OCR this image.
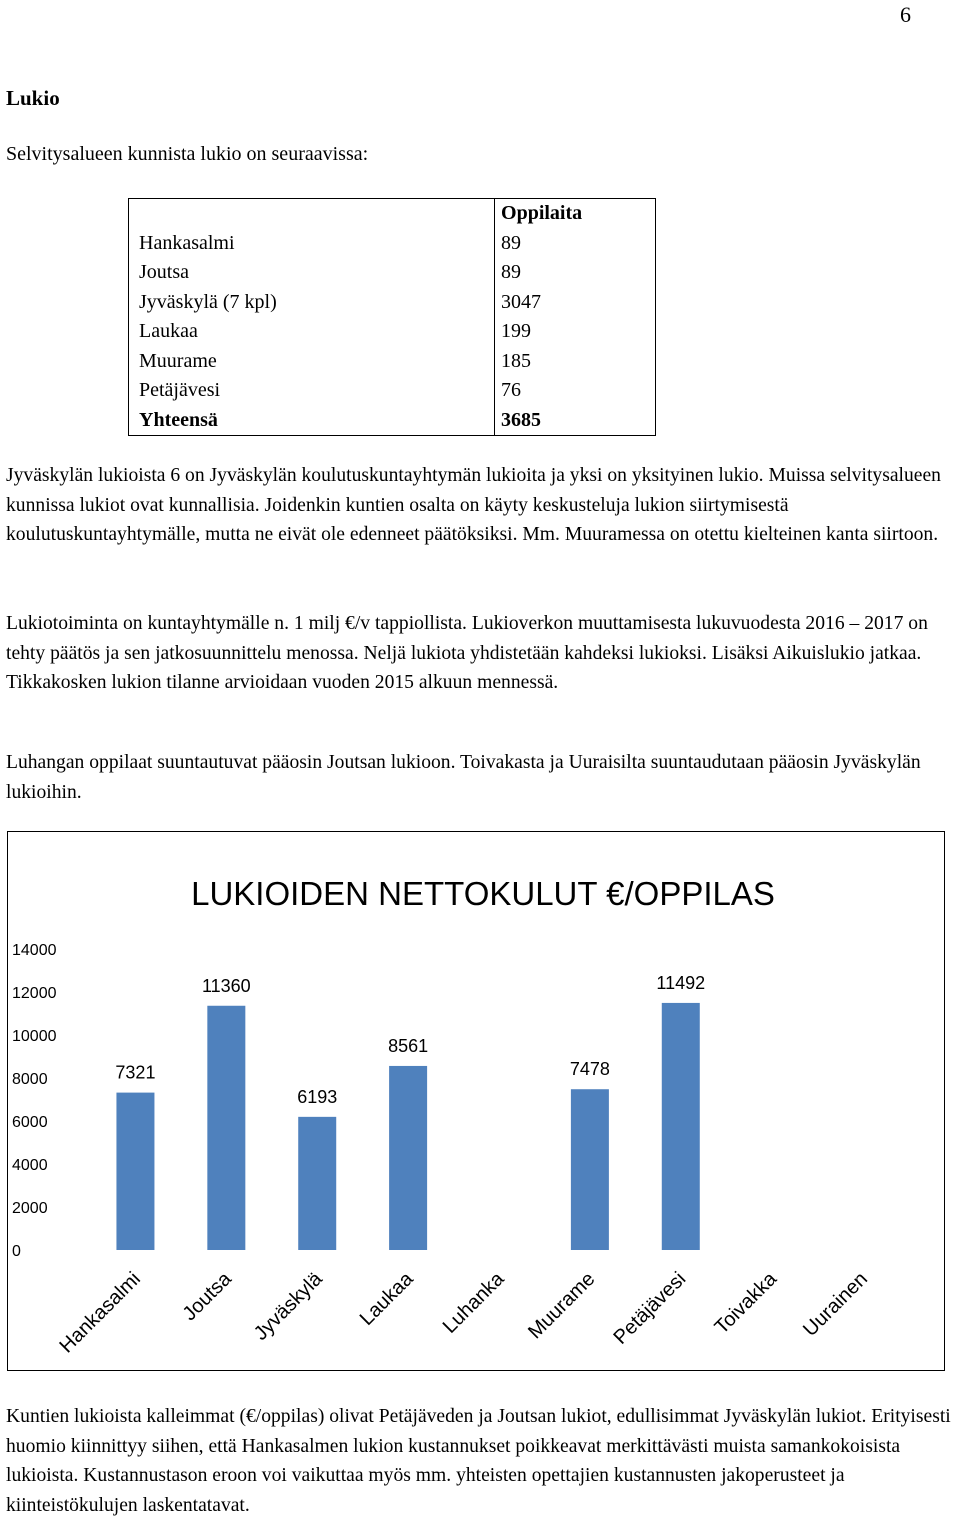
6
Lukio
Selvitysalueen kunnista lukio on seuraavissa:
	Oppilaita
Hankasalmi	89
Joutsa	89
Jyväskylä (7 kpl)	3047
Laukaa	199
Muurame	185
Petäjävesi	76
Yhteensä	3685

Jyväskylän lukioista 6 on Jyväskylän koulutuskuntayhtymän lukioita ja yksi on yksityinen lukio. Muissa selvitysalueen kunnissa lukiot ovat kunnallisia. Joidenkin kuntien osalta on käyty keskusteluja lukion siirtymisestä koulutuskuntayhtymälle, mutta ne eivät ole edenneet päätöksiksi. Mm. Muuramessa on otettu kielteinen kanta siirtoon.

Lukiotoiminta on kuntayhtymälle n. 1 milj €/v tappiollista. Lukioverkon muuttamisesta lukuvuodesta 2016 – 2017 on tehty päätös ja sen jatkosuunnittelu menossa. Neljä lukiota yhdistetään kahdeksi lukioksi. Lisäksi Aikuislukio jatkaa. Tikkakosken lukion tilanne arvioidaan vuoden 2015 alkuun mennessä.

Luhangan oppilaat suuntautuvat pääosin Joutsan lukioon. Toivakasta ja Uuraisilta suuntaudutaan pääosin Jyväskylän lukioihin.

LUKIOIDEN NETTOKULUT €/OPPILAS
0
2000
4000
6000
8000
10000
12000
14000
7321
Hankasalmi
11360
Joutsa
6193
Jyväskylä
8561
Laukaa Luhanka
7478
Muurame
11492
Petäjävesi Toivakka Uurainen

Kuntien lukioista kalleimmat (€/oppilas) olivat Petäjäveden ja Joutsan lukiot, edullisimmat Jyväskylän lukiot. Erityisesti huomio kiinnittyy siihen, että Hankasalmen lukion kustannukset poikkeavat merkittävästi muista samankokoisista lukioista. Kustannustason eroon voi vaikuttaa myös mm. yhteisten opettajien kustannusten jakoperusteet ja kiinteistökulujen laskentatavat.
